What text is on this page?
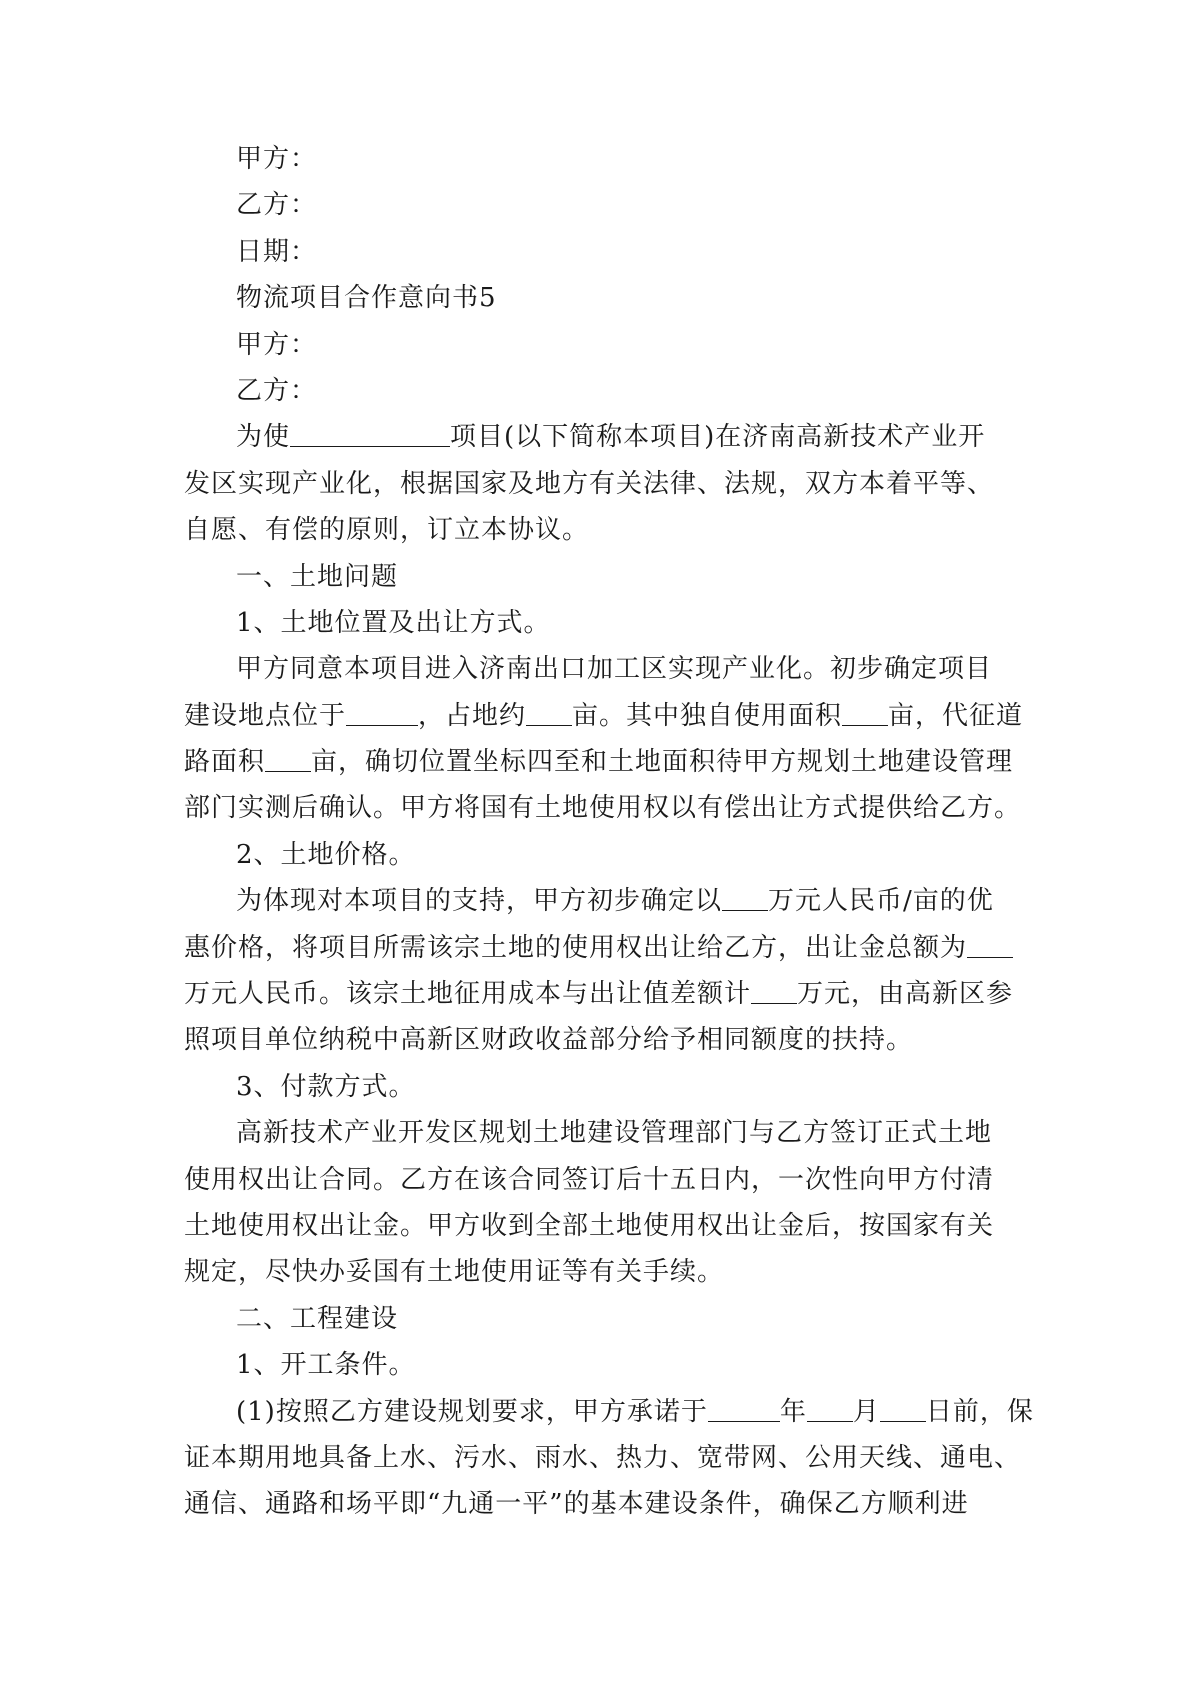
甲方：
乙方：
日期：
物流项目合作意向书5
甲方：
乙方：
为使	项目(以下简称本项目)在济南高新技术产业开
发区实现产业化，根据国家及地方有关法律、法规，双方本着平等、
自愿、有偿的原则，订立本协议。
一、土地问题
1、土地位置及出让方式。
甲方同意本项目进入济南出口加工区实现产业化。初步确定项目
建设地点位于	，占地约 亩。其中独自使用面积 亩，代征道
路面积 亩，确切位置坐标四至和土地面积待甲方规划土地建设管理
部门实测后确认。甲方将国有土地使用权以有偿出让方式提供给乙方。
2、土地价格。
为体现对本项目的支持，甲方初步确定以 万元人民币/亩的优
惠价格，将项目所需该宗土地的使用权出让给乙方，出让金总额为
万元人民币。该宗土地征用成本与出让值差额计 万元，由高新区参
照项目单位纳税中高新区财政收益部分给予相同额度的扶持。
3、付款方式。
高新技术产业开发区规划土地建设管理部门与乙方签订正式土地
使用权出让合同。乙方在该合同签订后十五日内，一次性向甲方付清
土地使用权出让金。甲方收到全部土地使用权出让金后，按国家有关
规定，尽快办妥国有土地使用证等有关手续。
二、工程建设
1、开工条件。
(1)按照乙方建设规划要求，甲方承诺于	年 月 日前，保
证本期用地具备上水、污水、雨水、热力、宽带网、公用天线、通电、
通信、通路和场平即“九通一平”的基本建设条件，确保乙方顺利进
